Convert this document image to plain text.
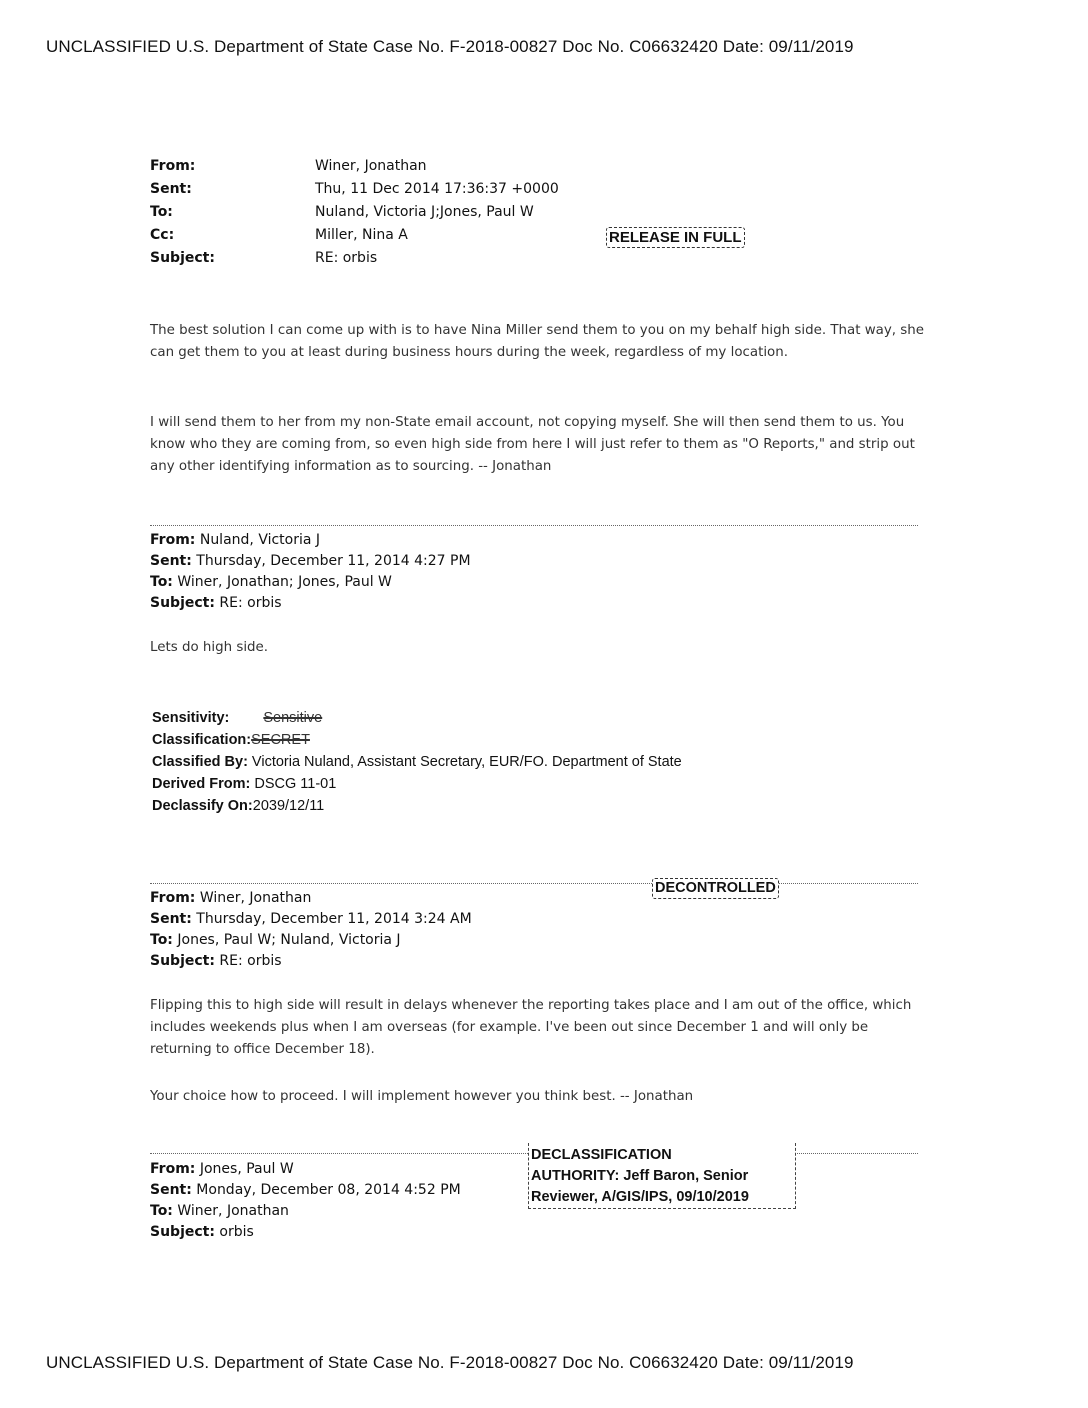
UNCLASSIFIED U.S. Department of State Case No. F-2018-00827 Doc No. C06632420 Date: 09/11/2019
From:	Winer, Jonathan
Sent:	Thu, 11 Dec 2014 17:36:37 +0000
To:	Nuland, Victoria J;Jones, Paul W
Cc:	Miller, Nina A
Subject:	RE: orbis
RELEASE IN FULL
The best solution I can come up with is to have Nina Miller send them to you on my behalf high side. That way, she can get them to you at least during business hours during the week, regardless of my location.
I will send them to her from my non-State email account, not copying myself. She will then send them to us. You know who they are coming from, so even high side from here I will just refer to them as "O Reports," and strip out any other identifying information as to sourcing. -- Jonathan
From: Nuland, Victoria J
Sent: Thursday, December 11, 2014 4:27 PM
To: Winer, Jonathan; Jones, Paul W
Subject: RE: orbis
Lets do high side.
Sensitivity: Sensitive
Classification:SECRET
Classified By: Victoria Nuland, Assistant Secretary, EUR/FO. Department of State
Derived From: DSCG 11-01
Declassify On:2039/12/11
DECONTROLLED
From: Winer, Jonathan
Sent: Thursday, December 11, 2014 3:24 AM
To: Jones, Paul W; Nuland, Victoria J
Subject: RE: orbis
Flipping this to high side will result in delays whenever the reporting takes place and I am out of the office, which includes weekends plus when I am overseas (for example. I've been out since December 1 and will only be returning to office December 18).
Your choice how to proceed. I will implement however you think best. -- Jonathan
DECLASSIFICATION
AUTHORITY: Jeff Baron, Senior
Reviewer, A/GIS/IPS, 09/10/2019
From: Jones, Paul W
Sent: Monday, December 08, 2014 4:52 PM
To: Winer, Jonathan
Subject: orbis
UNCLASSIFIED U.S. Department of State Case No. F-2018-00827 Doc No. C06632420 Date: 09/11/2019
